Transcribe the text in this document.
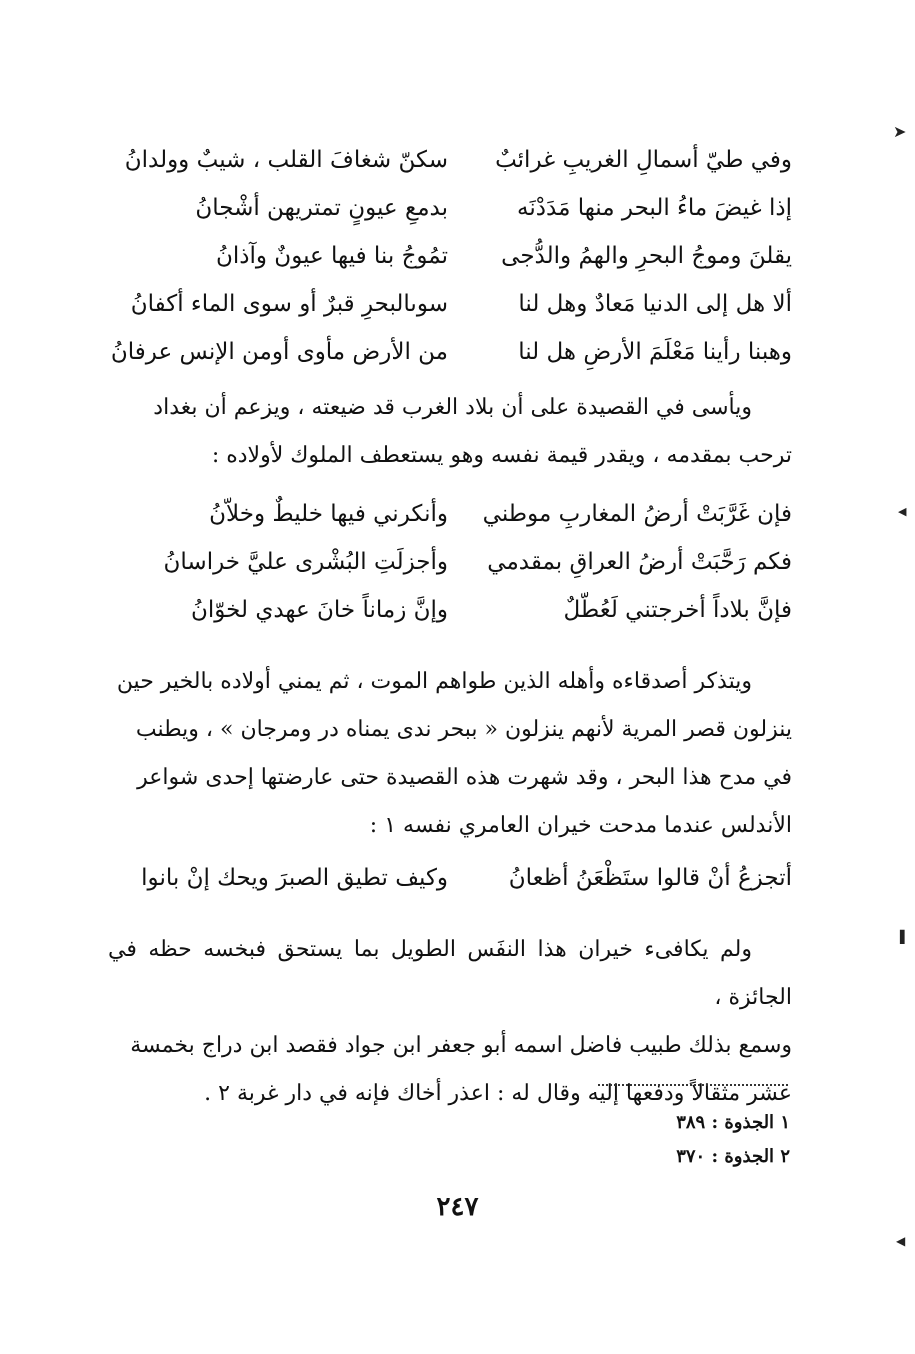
➤
◀
▌
◀
وفي طيّ أسمالِ الغريبِ غرائبٌ
سكنّ شغافَ القلب ، شيبٌ وولدانُ
إذا غيضَ ماءُ البحر منها مَدَدْنَه
بدمعِ عيونٍ تمتريهن أشْجانُ
يقلنَ وموجُ البحرِ والهمُ والدُّجى
تمُوجُ بنا فيها عيونٌ وآذانُ
ألا هل إلى الدنيا مَعادٌ وهل لنا
سوىالبحرِ قبرٌ أو سوى الماء أكفانُ
وهبنا رأينا مَعْلَمَ الأرضِ هل لنا
من الأرض مأوى أومن الإنس عرفانُ

ويأسى في القصيدة على أن بلاد الغرب قد ضيعته ، ويزعم أن بغداد

ترحب بمقدمه ، ويقدر قيمة نفسه وهو يستعطف الملوك لأولاده :

فإن غَرَّبَتْ أرضُ المغاربِ موطني
وأنكرني فيها خليطٌ وخلاّنُ
فكم رَحَّبَتْ أرضُ العراقِ بمقدمي
وأجزلَتِ البُشْرى عليَّ خراسانُ
فإنَّ بلاداً أخرجتني لَعُطّلٌ
وإنَّ زماناً خانَ عهدي لخوّانُ

ويتذكر أصدقاءه وأهله الذين طواهم الموت ، ثم يمني أولاده بالخير حين

ينزلون قصر المرية لأنهم ينزلون « ببحر ندى يمناه در ومرجان » ، ويطنب

في مدح هذا البحر ، وقد شهرت هذه القصيدة حتى عارضتها إحدى شواعر

الأندلس عندما مدحت خيران العامري نفسه ١ :

أتجزعُ أنْ قالوا ستَظْعَنُ أظعانُ
وكيف تطيق الصبرَ ويحك إنْ بانوا

ولم يكافىء خيران هذا النفَس الطويل بما يستحق فبخسه حظه في الجائزة ،

وسمع بذلك طبيب فاضل اسمه أبو جعفر ابن جواد فقصد ابن دراج بخمسة

عشر مثقالاً ودفعها إليه وقال له : اعذر أخاك فإنه في دار غربة ٢ .

١ الجذوة : ٣٨٩
٢ الجذوة : ٣٧٠
٢٤٧
